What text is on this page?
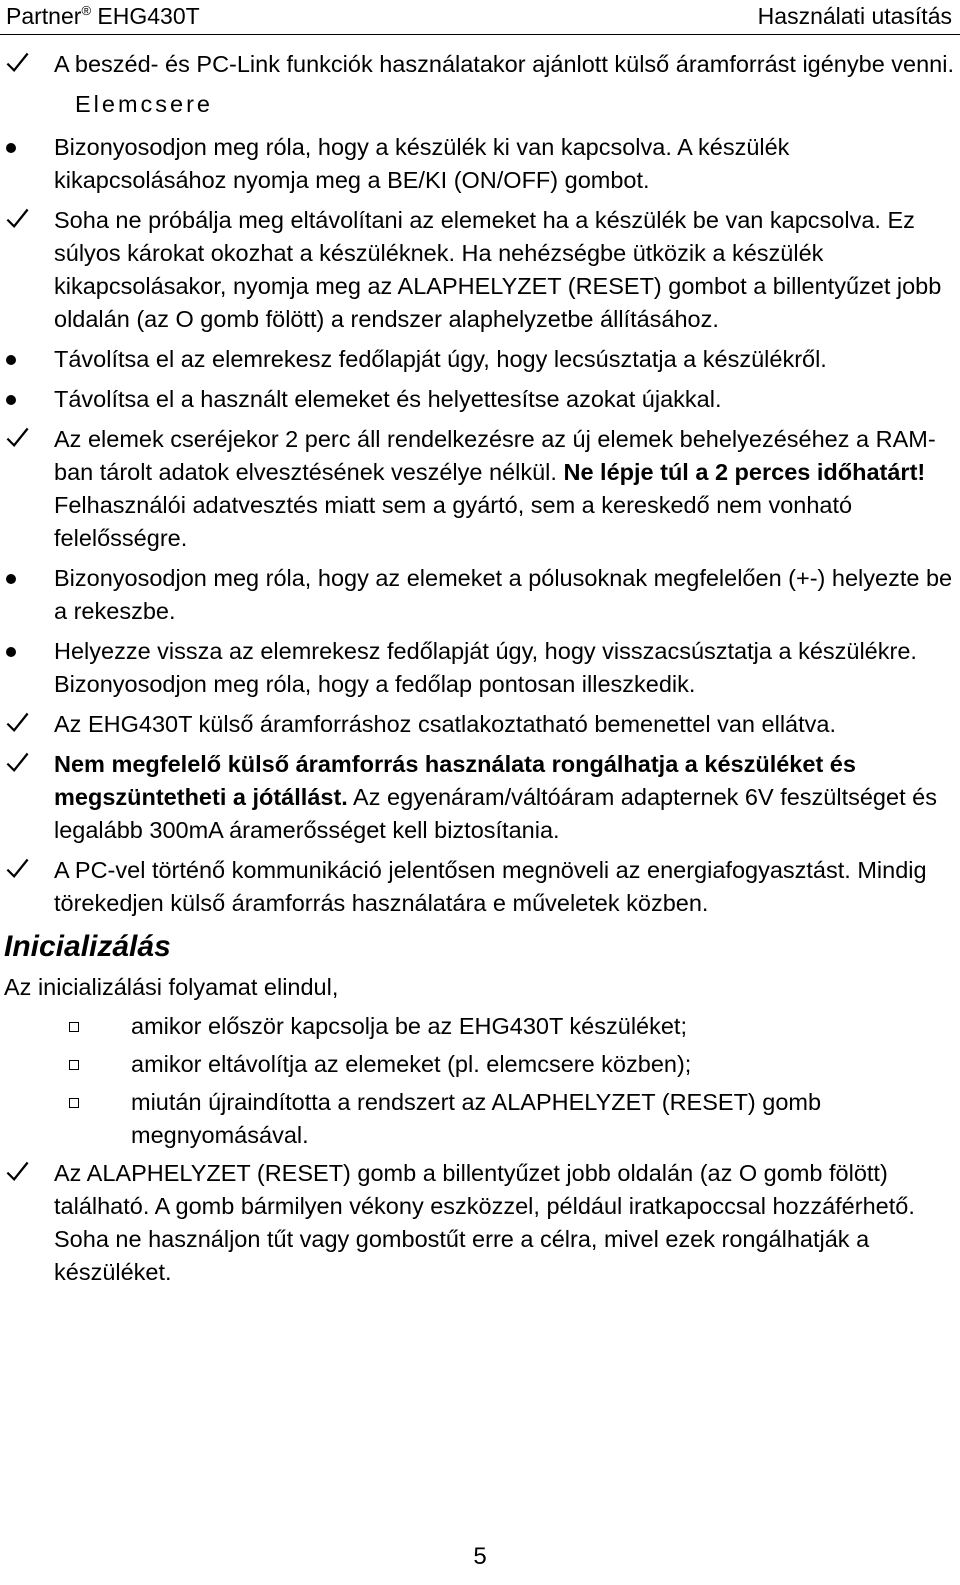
Partner® EHG430T	Használati utasítás
A beszéd- és PC-Link funkciók használatakor ajánlott külső áramforrást igénybe venni.
Elemcsere
Bizonyosodjon meg róla, hogy a készülék ki van kapcsolva. A készülék kikapcsolásához nyomja meg a BE/KI (ON/OFF) gombot.
Soha ne próbálja meg eltávolítani az elemeket ha a készülék be van kapcsolva. Ez súlyos károkat okozhat a készüléknek. Ha nehézségbe ütközik a készülék kikapcsolásakor, nyomja meg az ALAPHELYZET (RESET) gombot a billentyűzet jobb oldalán (az O gomb fölött) a rendszer alaphelyzetbe állításához.
Távolítsa el az elemrekesz fedőlapját úgy, hogy lecsúsztatja a készülékről.
Távolítsa el a használt elemeket és helyettesítse azokat újakkal.
Az elemek cseréjekor 2 perc áll rendelkezésre az új elemek behelyezéséhez a RAM-ban tárolt adatok elvesztésének veszélye nélkül. Ne lépje túl a 2 perces időhatárt! Felhasználói adatvesztés miatt sem a gyártó, sem a kereskedő nem vonható felelősségre.
Bizonyosodjon meg róla, hogy az elemeket a pólusoknak megfelelően (+-) helyezte be a rekeszbe.
Helyezze vissza az elemrekesz fedőlapját úgy, hogy visszacsúsztatja a készülékre. Bizonyosodjon meg róla, hogy a fedőlap pontosan illeszkedik.
Az EHG430T külső áramforráshoz csatlakoztatható bemenettel van ellátva.
Nem megfelelő külső áramforrás használata rongálhatja a készüléket és megszüntetheti a jótállást. Az egyenáram/váltóáram adapternek 6V feszültséget és legalább 300mA áramerősséget kell biztosítania.
A PC-vel történő kommunikáció jelentősen megnöveli az energiafogyasztást. Mindig törekedjen külső áramforrás használatára e műveletek közben.
Inicializálás
Az inicializálási folyamat elindul,
amikor először kapcsolja be az EHG430T készüléket;
amikor eltávolítja az elemeket (pl. elemcsere közben);
miután újraindította a rendszert az ALAPHELYZET (RESET) gomb megnyomásával.
Az ALAPHELYZET (RESET) gomb a billentyűzet jobb oldalán (az O gomb fölött) található. A gomb bármilyen vékony eszközzel, például iratkapoccsal hozzáférhető. Soha ne használjon tűt vagy gombostűt erre a célra, mivel ezek rongálhatják a készüléket.
5
